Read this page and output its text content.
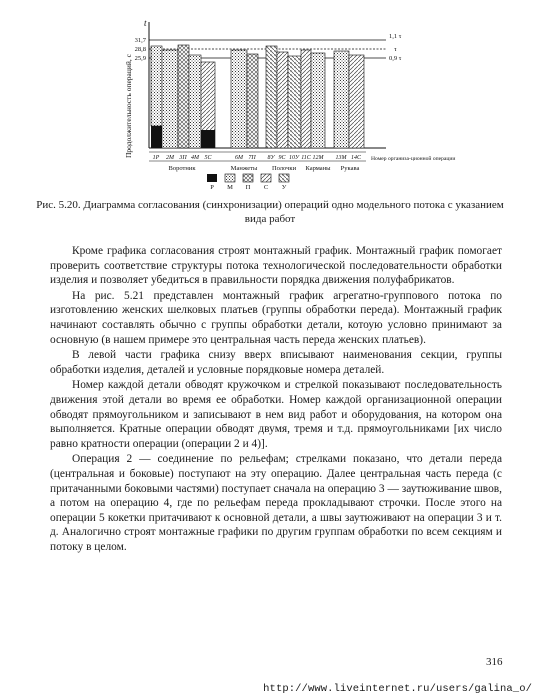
Продолжительность операций, с
t
31,7
28,8
25,9
1,1 τ
τ
0,9 τ
1Р 2М 3П 4М 5С	6М 7П 8У 9С 10У 11С 12М 13М 14С
Воротник	Манжеты Полочки Карманы Рукава
Номер организа-ционной операции
Р М П С У
Рис. 5.20. Диаграмма согласования (синхронизации) операций одно модельного потока с указанием вида работ

Кроме графика согласования строят монтажный график. Монтажный график помогает проверить соответствие структуры потока технологической последовательности обработки изделия и позволяет убедиться в правильности порядка движения полуфабрикатов.

На рис. 5.21 представлен монтажный график агрегатно-группового потока по изготовлению женских шелковых платьев (группы обработки переда). Монтажный график начинают составлять обычно с группы обработки детали, котоую условно принимают за основную (в нашем примере это центральная часть переда женских платьев).

В левой части графика снизу вверх вписывают наименования секции, группы обработки изделия, деталей и условные порядковые номера деталей.

Номер каждой детали обводят кружочком и стрелкой показывают последовательность движения этой детали во время ее обработки. Номер каждой организационной операции обводят прямоугольником и записывают в нем вид работ и оборудования, на котором она выполняется. Кратные операции обводят двумя, тремя и т.д. прямоугольниками [их число равно кратности операции (операции 2 и 4)].

Операция 2 — соединение по рельефам; стрелками показано, что детали переда (центральная и боковые) поступают на эту операцию. Далее центральная часть переда (с притачанными боковыми частями) поступает сначала на операцию 3 — заутюживание швов, а потом на операцию 4, где по рельефам переда прокладывают строчки. После этого на операции 5 кокетки притачивают к основной детали, а швы заутюживают на операции 3 и т. д. Аналогично строят монтажные графики по другим группам обработки по всем секциям и потоку в целом.

316
http://www.liveinternet.ru/users/galina_o/
